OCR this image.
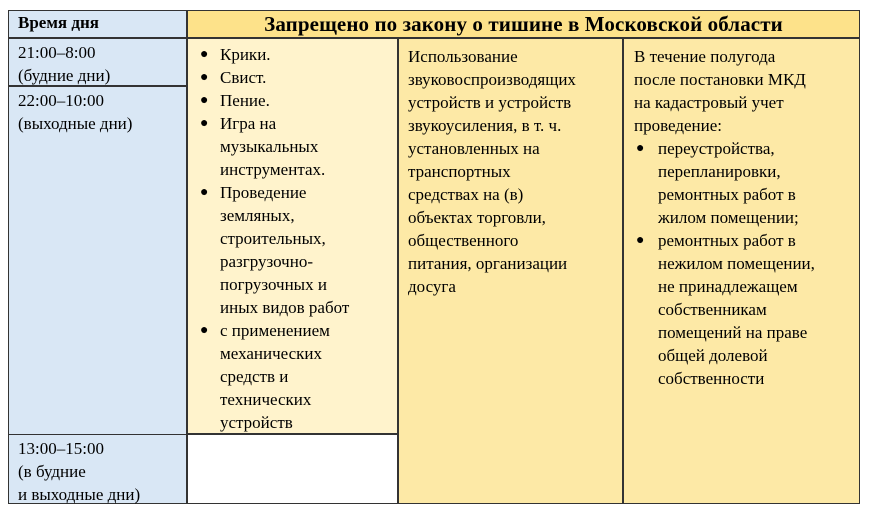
Время дня	Запрещено по закону о тишине в Московской области
21:00–8:00
(будние дни)
22:00–10:00
(выходные дни)
13:00–15:00
(в будние
и выходные дни)
● Крики.
● Свист.
● Пение.
● Игра на
музыкальных
инструментах.
● Проведение
земляных,
строительных,
разгрузочно-
погрузочных и
иных видов работ
● с применением
механических
средств и
технических
устройств
Использование
звуковоспроизводящих
устройств и устройств
звукоусиления, в т. ч.
установленных на
транспортных
средствах на (в)
объектах торговли,
общественного
питания, организации
досуга
В течение полугода
после постановки МКД
на кадастровый учет
проведение:
● переустройства,
перепланировки,
ремонтных работ в
жилом помещении;
● ремонтных работ в
нежилом помещении,
не принадлежащем
собственникам
помещений на праве
общей долевой
собственности
